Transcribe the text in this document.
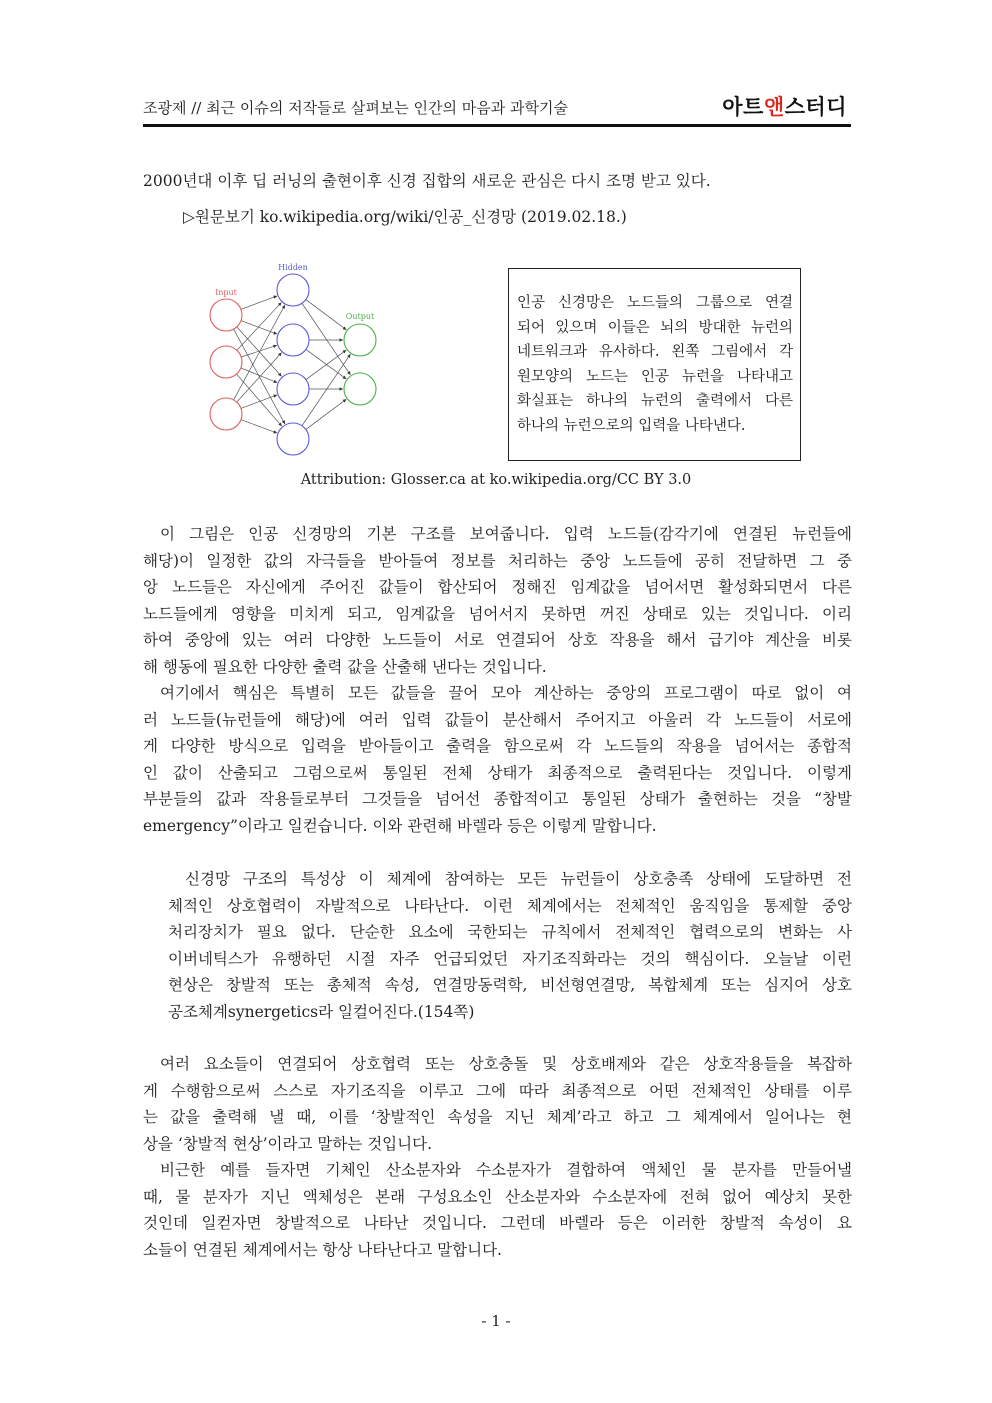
조광제 // 최근 이슈의 저작들로 살펴보는 인간의 마음과 과학기술	아트앤스터디
2000년대 이후 딥 러닝의 출현이후 신경 집합의 새로운 관심은 다시 조명 받고 있다.
▷원문보기 ko.wikipedia.org/wiki/인공_신경망 (2019.02.18.)
Input
Hidden
Output
인공 신경망은 노드들의 그룹으로 연결
되어 있으며 이들은 뇌의 방대한 뉴런의
네트워크과 유사하다. 왼쪽 그림에서 각
원모양의 노드는 인공 뉴런을 나타내고
화실표는 하나의 뉴런의 출력에서 다른
하나의 뉴런으로의 입력을 나타낸다.
Attribution: Glosser.ca at ko.wikipedia.org/CC BY 3.0
이 그림은 인공 신경망의 기본 구조를 보여줍니다. 입력 노드들(감각기에 연결된 뉴런들에
해당)이 일정한 값의 자극들을 받아들여 정보를 처리하는 중앙 노드들에 공히 전달하면 그 중
앙 노드들은 자신에게 주어진 값들이 합산되어 정해진 임계값을 넘어서면 활성화되면서 다른
노드들에게 영향을 미치게 되고, 임계값을 넘어서지 못하면 꺼진 상태로 있는 것입니다. 이리
하여 중앙에 있는 여러 다양한 노드들이 서로 연결되어 상호 작용을 해서 급기야 계산을 비롯
해 행동에 필요한 다양한 출력 값을 산출해 낸다는 것입니다.
여기에서 핵심은 특별히 모든 값들을 끌어 모아 계산하는 중앙의 프로그램이 따로 없이 여
러 노드들(뉴런들에 해당)에 여러 입력 값들이 분산해서 주어지고 아울러 각 노드들이 서로에
게 다양한 방식으로 입력을 받아들이고 출력을 함으로써 각 노드들의 작용을 넘어서는 종합적
인 값이 산출되고 그럼으로써 통일된 전체 상태가 최종적으로 출력된다는 것입니다. 이렇게
부분들의 값과 작용들로부터 그것들을 넘어선 종합적이고 통일된 상태가 출현하는 것을 “창발
emergency”이라고 일컫습니다. 이와 관련해 바렐라 등은 이렇게 말합니다.
신경망 구조의 특성상 이 체계에 참여하는 모든 뉴런들이 상호충족 상태에 도달하면 전
체적인 상호협력이 자발적으로 나타난다. 이런 체계에서는 전체적인 움직임을 통제할 중앙
처리장치가 필요 없다. 단순한 요소에 국한되는 규칙에서 전체적인 협력으로의 변화는 사
이버네틱스가 유행하던 시절 자주 언급되었던 자기조직화라는 것의 핵심이다. 오늘날 이런
현상은 창발적 또는 총체적 속성, 연결망동력학, 비선형연결망, 복합체계 또는 심지어 상호
공조체계synergetics라 일컬어진다.(154쪽)
여러 요소들이 연결되어 상호협력 또는 상호충돌 및 상호배제와 같은 상호작용들을 복잡하
게 수행함으로써 스스로 자기조직을 이루고 그에 따라 최종적으로 어떤 전체적인 상태를 이루
는 값을 출력해 낼 때, 이를 ‘창발적인 속성을 지닌 체계’라고 하고 그 체계에서 일어나는 현
상을 ‘창발적 현상’이라고 말하는 것입니다.
비근한 예를 들자면 기체인 산소분자와 수소분자가 결합하여 액체인 물 분자를 만들어낼
때, 물 분자가 지닌 액체성은 본래 구성요소인 산소분자와 수소분자에 전혀 없어 예상치 못한
것인데 일컫자면 창발적으로 나타난 것입니다. 그런데 바렐라 등은 이러한 창발적 속성이 요
소들이 연결된 체계에서는 항상 나타난다고 말합니다.
- 1 -
